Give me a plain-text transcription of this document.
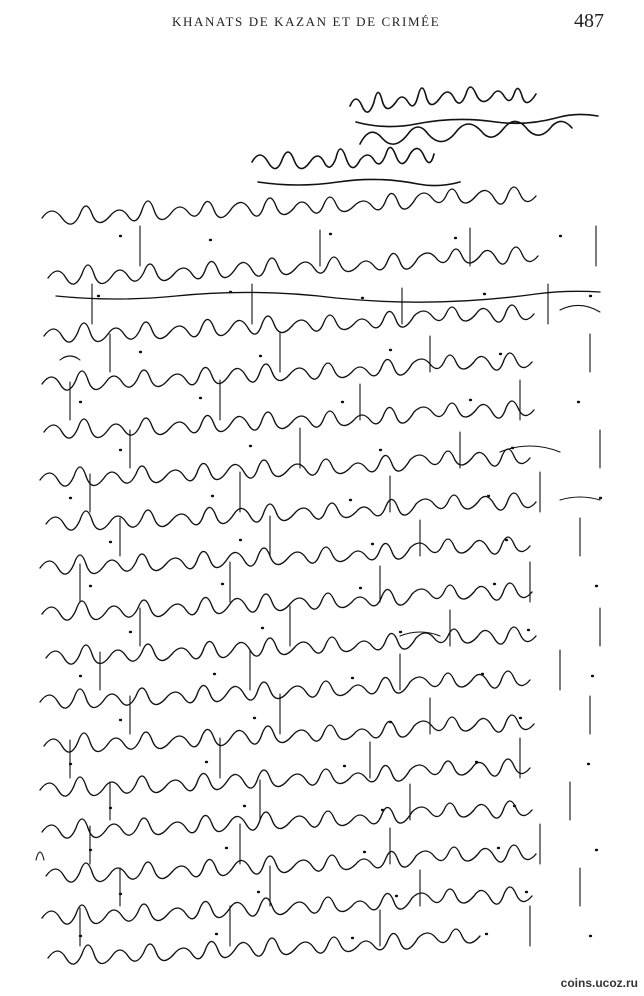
KHANATS DE KAZAN ET DE CRIMÉE	487
coins.ucoz.ru
